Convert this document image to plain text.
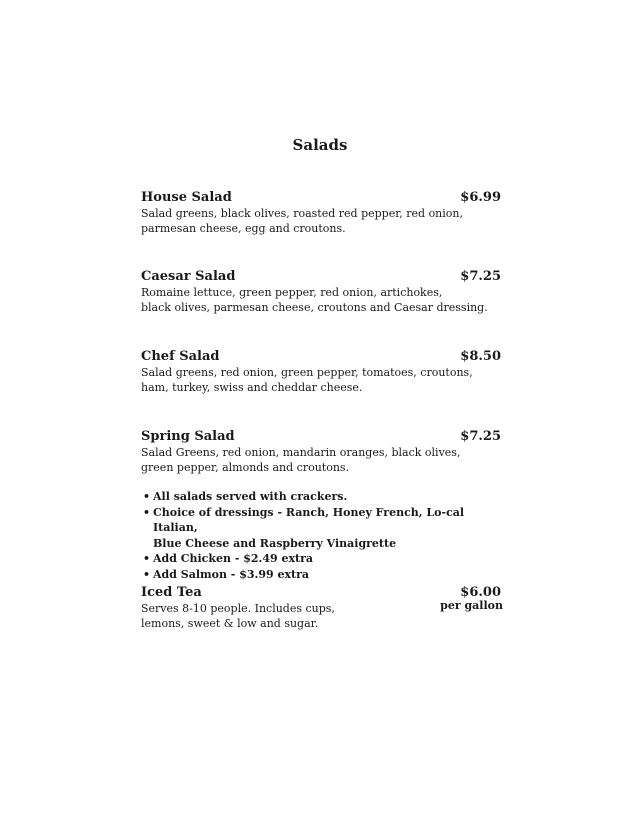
Salads
House Salad	$6.99
Salad greens, black olives, roasted red pepper, red onion,
parmesan cheese, egg and croutons.
Caesar Salad	$7.25
Romaine lettuce, green pepper, red onion, artichokes,
black olives, parmesan cheese, croutons and Caesar dressing.
Chef Salad	$8.50
Salad greens, red onion, green pepper, tomatoes, croutons,
ham, turkey, swiss and cheddar cheese.
Spring Salad	$7.25
Salad Greens, red onion, mandarin oranges, black olives,
green pepper, almonds and croutons.
• All salads served with crackers.
• Choice of dressings - Ranch, Honey French, Lo-cal Italian,
Blue Cheese and Raspberry Vinaigrette
• Add Chicken - $2.49 extra
• Add Salmon - $3.99 extra
Iced Tea	$6.00
per gallon
Serves 8-10 people. Includes cups,
lemons, sweet & low and sugar.
